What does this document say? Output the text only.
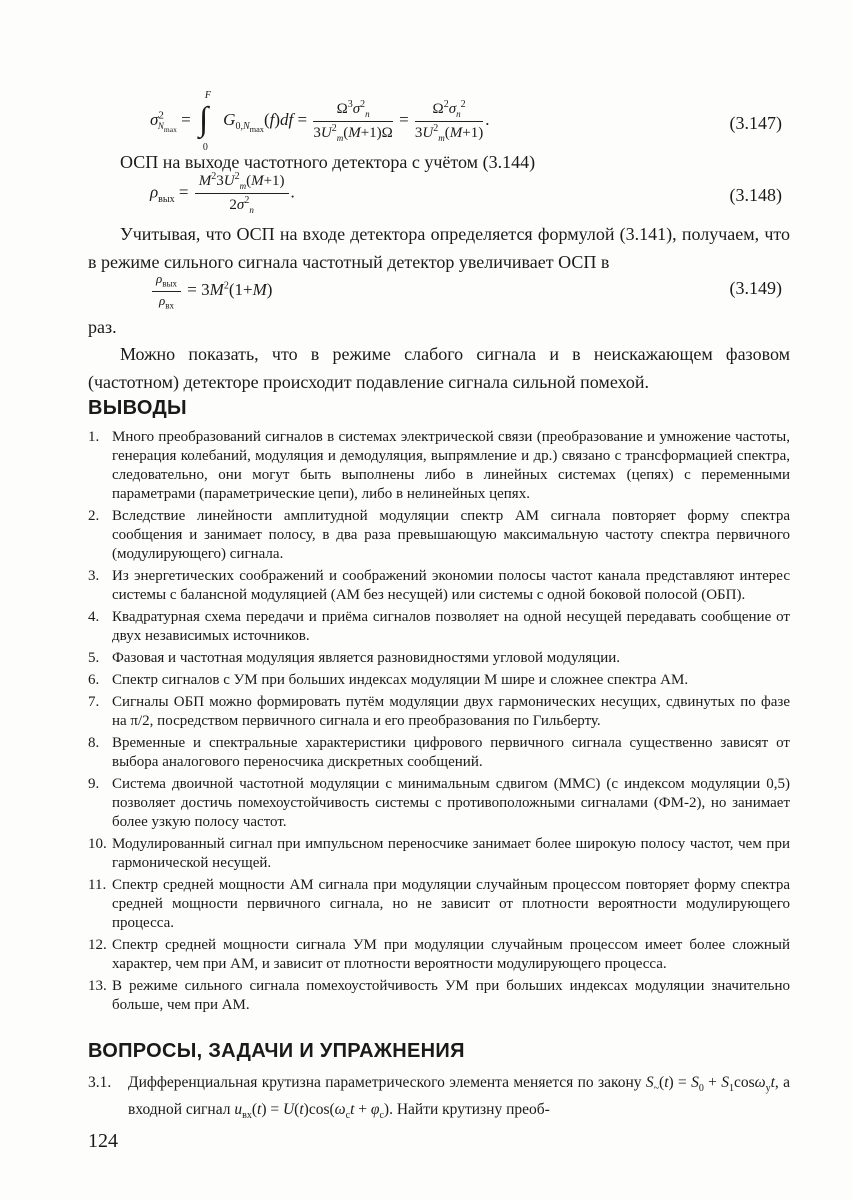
$\sigma^2_{N_{max}}$ =
F
∫
0
$G_{0,N_{max}}(f)df = \frac{\Omega^3\sigma^2_n}{3U^2_m(M+1)\Omega} = \frac{\Omega^2\sigma_n^2}{3U^2_m(M+1)}$ .	(3.147)
ОСП на выходе частотного детектора с учётом (3.144)
$\rho_{вых} = \frac{M^23U^2_m(M+1)}{2\sigma^2_n}$ .	(3.148)
Учитывая, что ОСП на входе детектора определяется формулой (3.141), получаем, что в режиме сильного сигнала частотный детектор увеличивает ОСП в
$\frac{\rho_{вых}}{\rho_{вх}} = 3M^2(1+M)$	(3.149)
раз.
Можно показать, что в режиме слабого сигнала и в неискажающем фазовом (частотном) детекторе происходит подавление сигнала сильной помехой.
ВЫВОДЫ
1. Много преобразований сигналов в системах электрической связи (преобразование и умножение частоты, генерация колебаний, модуляция и демодуляция, выпрямление и др.) связано с трансформацией спектра, следовательно, они могут быть выполнены либо в линейных системах (цепях) с переменными параметрами (параметрические цепи), либо в нелинейных цепях.
2. Вследствие линейности амплитудной модуляции спектр АМ сигнала повторяет форму спектра сообщения и занимает полосу, в два раза превышающую максимальную частоту спектра первичного (модулирующего) сигнала.
3. Из энергетических соображений и соображений экономии полосы частот канала представляют интерес системы с балансной модуляцией (АМ без несущей) или системы с одной боковой полосой (ОБП).
4. Квадратурная схема передачи и приёма сигналов позволяет на одной несущей передавать сообщение от двух независимых источников.
5. Фазовая и частотная модуляция является разновидностями угловой модуляции.
6. Спектр сигналов с УМ при больших индексах модуляции М шире и сложнее спектра АМ.
7. Сигналы ОБП можно формировать путём модуляции двух гармонических несущих, сдвинутых по фазе на π/2, посредством первичного сигнала и его преобразования по Гильберту.
8. Временные и спектральные характеристики цифрового первичного сигнала существенно зависят от выбора аналогового переносчика дискретных сообщений.
9. Система двоичной частотной модуляции с минимальным сдвигом (ММС) (с индексом модуляции 0,5) позволяет достичь помехоустойчивость системы с противоположными сигналами (ФМ-2), но занимает более узкую полосу частот.
10. Модулированный сигнал при импульсном переносчике занимает более широкую полосу частот, чем при гармонической несущей.
11. Спектр средней мощности АМ сигнала при модуляции случайным процессом повторяет форму спектра средней мощности первичного сигнала, но не зависит от плотности вероятности модулирующего процесса.
12. Спектр средней мощности сигнала УМ при модуляции случайным процессом имеет более сложный характер, чем при АМ, и зависит от плотности вероятности модулирующего процесса.
13. В режиме сильного сигнала помехоустойчивость УМ при больших индексах модуляции значительно больше, чем при АМ.
ВОПРОСЫ, ЗАДАЧИ И УПРАЖНЕНИЯ
3.1.	Дифференциальная крутизна параметрического элемента меняется по закону $S_\sim(t) = S_0 + S_1\cos\omega_yt$, а входной сигнал $u_{вх}(t) = U(t)\cos(\omega_ct + \varphi_c)$. Найти крутизну преоб-
124
